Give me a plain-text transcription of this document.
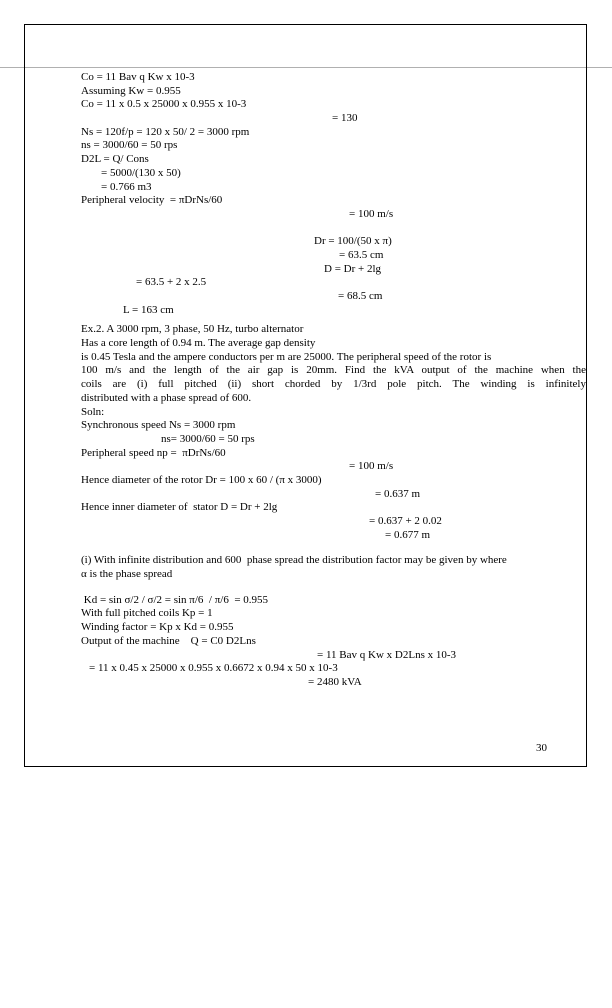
Co = 11 Bav q Kw x 10-3
Assuming Kw = 0.955
Co = 11 x 0.5 x 25000 x 0.955 x 10-3
= 130
Ns = 120f/p = 120 x 50/ 2 = 3000 rpm
ns = 3000/60 = 50 rps
D2L = Q/ Cons
= 5000/(130 x 50)
= 0.766 m3
Peripheral velocity  = πDrNs/60
= 100 m/s
Dr = 100/(50 x π)
= 63.5 cm
D = Dr + 2lg
= 63.5 + 2 x 2.5
= 68.5 cm
L = 163 cm
Ex.2. A 3000 rpm, 3 phase, 50 Hz, turbo alternator
Has a core length of 0.94 m. The average gap density
is 0.45 Tesla and the ampere conductors per m are 25000. The peripheral speed of the rotor is
100 m/s and the length of the air gap is 20mm. Find the kVA output of the machine when the
coils are (i) full pitched (ii) short chorded by 1/3rd pole pitch. The winding is infinitely
distributed with a phase spread of 600.
Soln:
Synchronous speed Ns = 3000 rpm
ns= 3000/60 = 50 rps
Peripheral speed np =  πDrNs/60
= 100 m/s
Hence diameter of the rotor Dr = 100 x 60 / (π x 3000)
= 0.637 m
Hence inner diameter of  stator D = Dr + 2lg
= 0.637 + 2 0.02
= 0.677 m
(i) With infinite distribution and 600  phase spread the distribution factor may be given by where
α is the phase spread
Kd = sin σ/2 / σ/2 = sin π/6  / π/6  = 0.955
With full pitched coils Kp = 1
Winding factor = Kp x Kd = 0.955
Output of the machine    Q = C0 D2Lns
= 11 Bav q Kw x D2Lns x 10-3
= 11 x 0.45 x 25000 x 0.955 x 0.6672 x 0.94 x 50 x 10-3
= 2480 kVA
30
